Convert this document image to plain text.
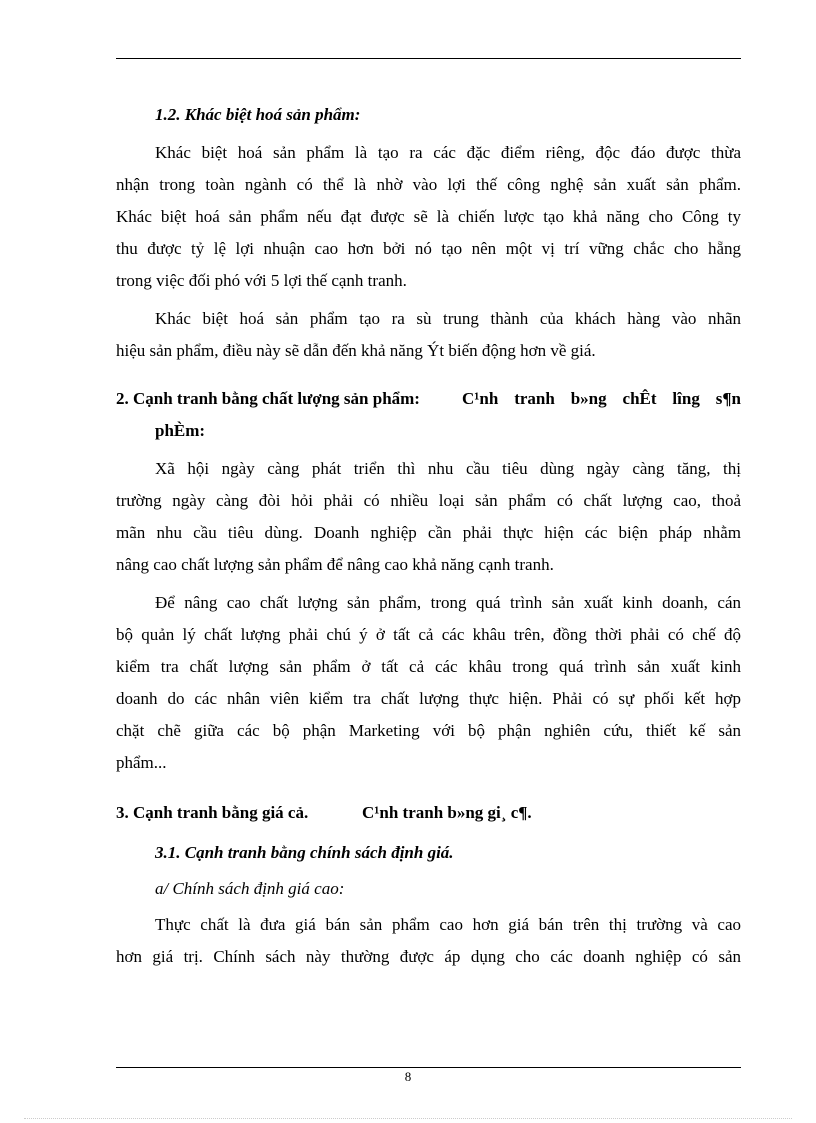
1.2. Khác biệt hoá sản phẩm:
Khác biệt hoá sản phẩm là tạo ra các đặc điểm riêng, độc đáo được thừa
nhận trong toàn ngành có thể là nhờ vào lợi thế công nghệ sản xuất sản phẩm.
Khác biệt hoá sản phẩm nếu đạt được sẽ là chiến lược tạo khả năng cho Công ty
thu được tỷ lệ lợi nhuận cao hơn bởi nó tạo nên một vị trí vững chắc cho hẵng
trong việc đối phó với 5 lợi thế cạnh tranh.
Khác biệt hoá sản phẩm tạo ra sù trung thành của khách hàng vào nhãn
hiệu sản phẩm, điều này sẽ dẫn đến khả năng Ýt biến động hơn về giá.
2. Cạnh tranh bằng chất lượng sản phẩm: C¹nh tranh b»ng chÊt lîng s¶n
phÈm:
Xã hội ngày càng phát triển thì nhu cầu tiêu dùng ngày càng tăng, thị
trường ngày càng đòi hỏi phải có nhiều loại sản phẩm có chất lượng cao, thoả
mãn nhu cầu tiêu dùng. Doanh nghiệp cần phải thực hiện các biện pháp nhằm
nâng cao chất lượng sản phẩm để nâng cao khả năng cạnh tranh.
Để nâng cao chất lượng sản phẩm, trong quá trình sản xuất kinh doanh, cán
bộ quản lý chất lượng phải chú ý ở tất cả các khâu trên, đồng thời phải có chế độ
kiểm tra chất lượng sản phẩm ở tất cả các khâu trong quá trình sản xuất kinh
doanh do các nhân viên kiểm tra chất lượng thực hiện. Phải có sự phối kết hợp
chặt chẽ giữa các bộ phận Marketing với bộ phận nghiên cứu, thiết kế sản
phẩm...
3. Cạnh tranh bằng giá cả.	C¹nh tranh b»ng gi¸ c¶.
3.1. Cạnh tranh bằng chính sách định giá.
a/ Chính sách định giá cao:
Thực chất là đưa giá bán sản phẩm cao hơn giá bán trên thị trường và cao
hơn giá trị. Chính sách này thường được áp dụng cho các doanh nghiệp có sản
8
